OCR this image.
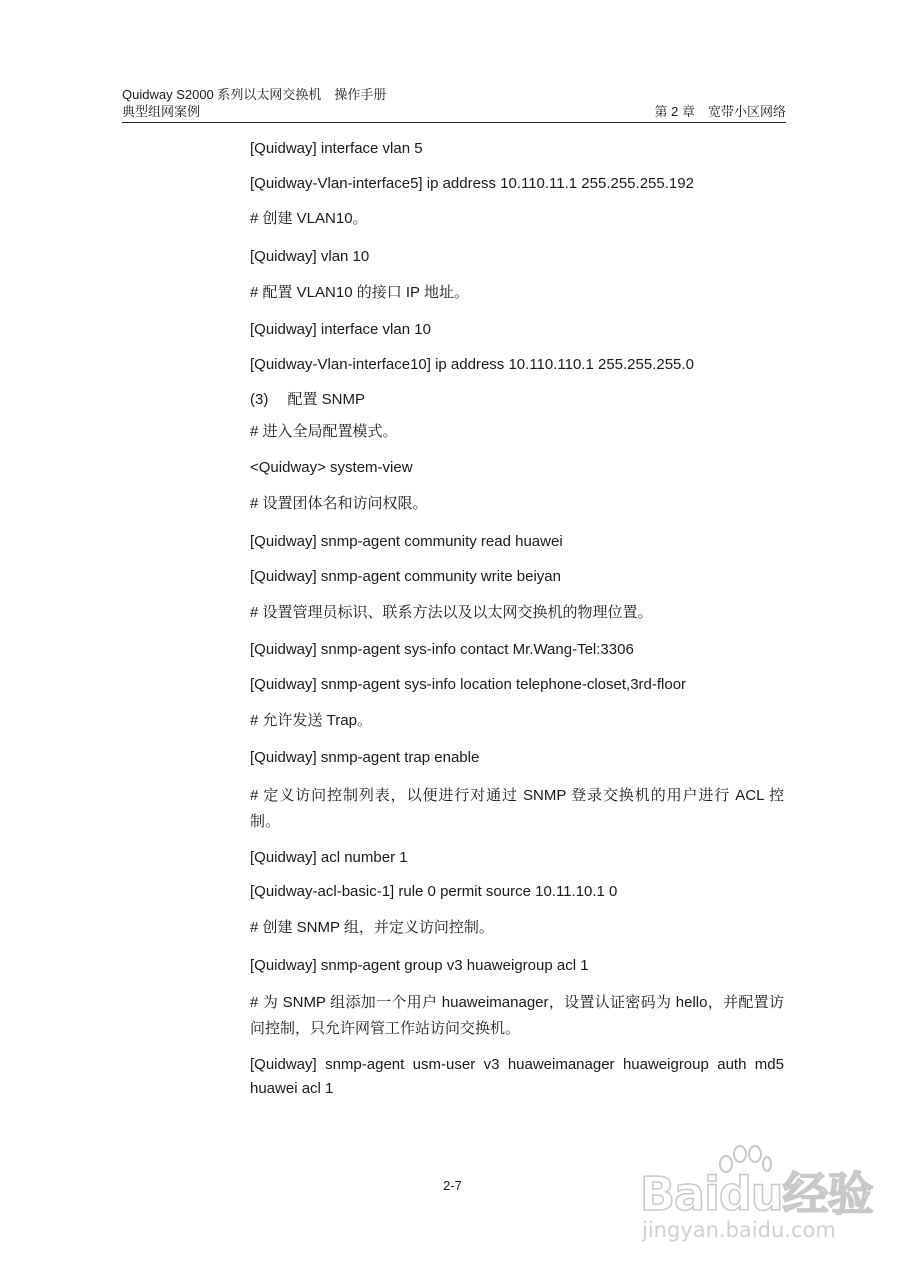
Quidway S2000 系列以太网交换机　操作手册
典型组网案例	第 2 章　宽带小区网络
[Quidway] interface vlan 5
[Quidway-Vlan-interface5] ip address 10.110.11.1 255.255.255.192
# 创建 VLAN10。
[Quidway] vlan 10
# 配置 VLAN10 的接口 IP 地址。
[Quidway] interface vlan 10
[Quidway-Vlan-interface10] ip address 10.110.110.1 255.255.255.0
(3)　 配置 SNMP
# 进入全局配置模式。
<Quidway> system-view
# 设置团体名和访问权限。
[Quidway] snmp-agent community read huawei
[Quidway] snmp-agent community write beiyan
# 设置管理员标识、联系方法以及以太网交换机的物理位置。
[Quidway] snmp-agent sys-info contact Mr.Wang-Tel:3306
[Quidway] snmp-agent sys-info location telephone-closet,3rd-floor
# 允许发送 Trap。
[Quidway] snmp-agent trap enable
# 定义访问控制列表，以便进行对通过 SNMP 登录交换机的用户进行 ACL 控制。
[Quidway] acl number 1
[Quidway-acl-basic-1] rule 0 permit source 10.11.10.1 0
# 创建 SNMP 组，并定义访问控制。
[Quidway] snmp-agent group v3 huaweigroup acl 1
# 为 SNMP 组添加一个用户 huaweimanager，设置认证密码为 hello，并配置访问控制，只允许网管工作站访问交换机。
[Quidway] snmp-agent usm-user v3 huaweimanager huaweigroup auth md5 huawei acl 1
2-7	Baidu经验
jingyan.baidu.com
